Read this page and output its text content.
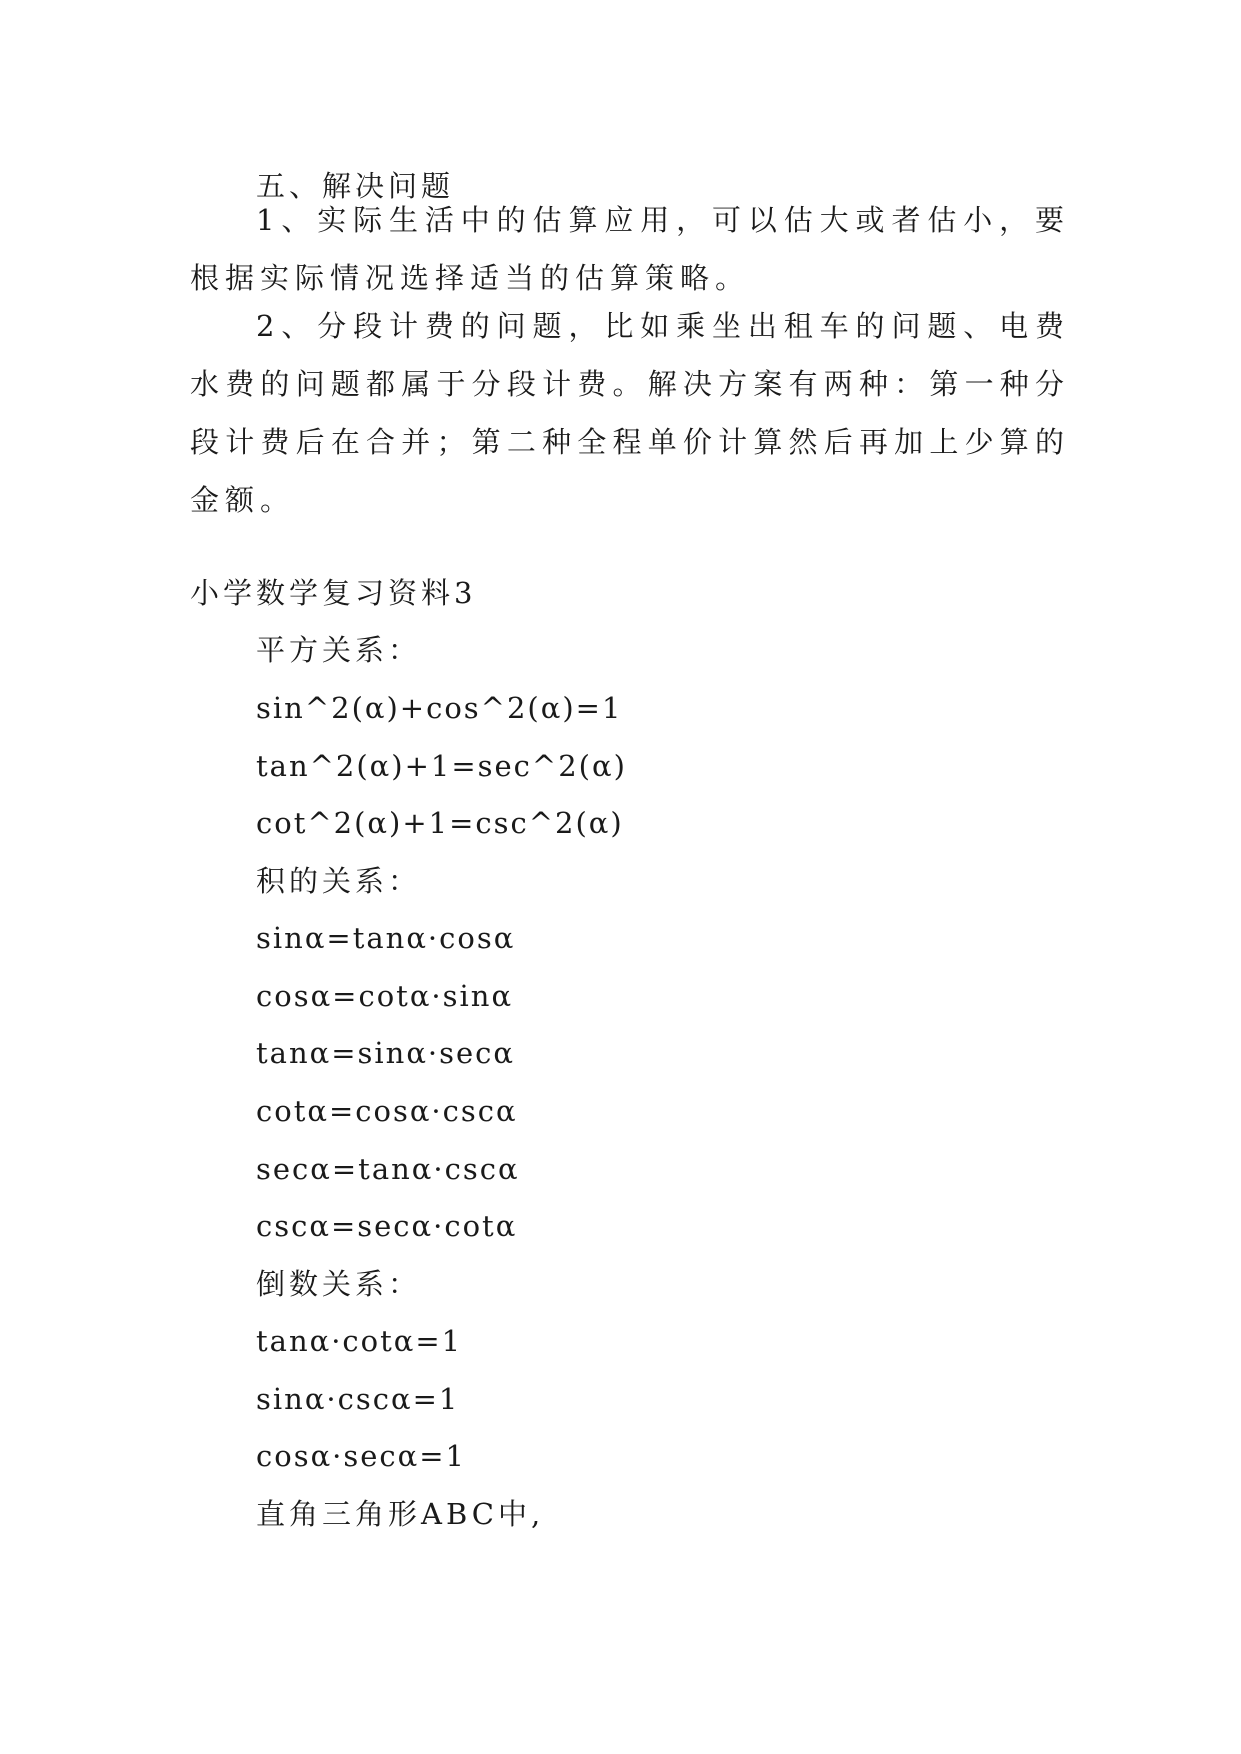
五、解决问题
1、实际生活中的估算应用，可以估大或者估小，要根据实际情况选择适当的估算策略。
2、分段计费的问题，比如乘坐出租车的问题、电费水费的问题都属于分段计费。解决方案有两种：第一种分段计费后在合并；第二种全程单价计算然后再加上少算的金额。
小学数学复习资料3
平方关系：
sin^2(α)+cos^2(α)=1
tan^2(α)+1=sec^2(α)
cot^2(α)+1=csc^2(α)
积的关系：
sinα=tanα·cosα
cosα=cotα·sinα
tanα=sinα·secα
cotα=cosα·cscα
secα=tanα·cscα
cscα=secα·cotα
倒数关系：
tanα·cotα=1
sinα·cscα=1
cosα·secα=1
直角三角形ABC中,
